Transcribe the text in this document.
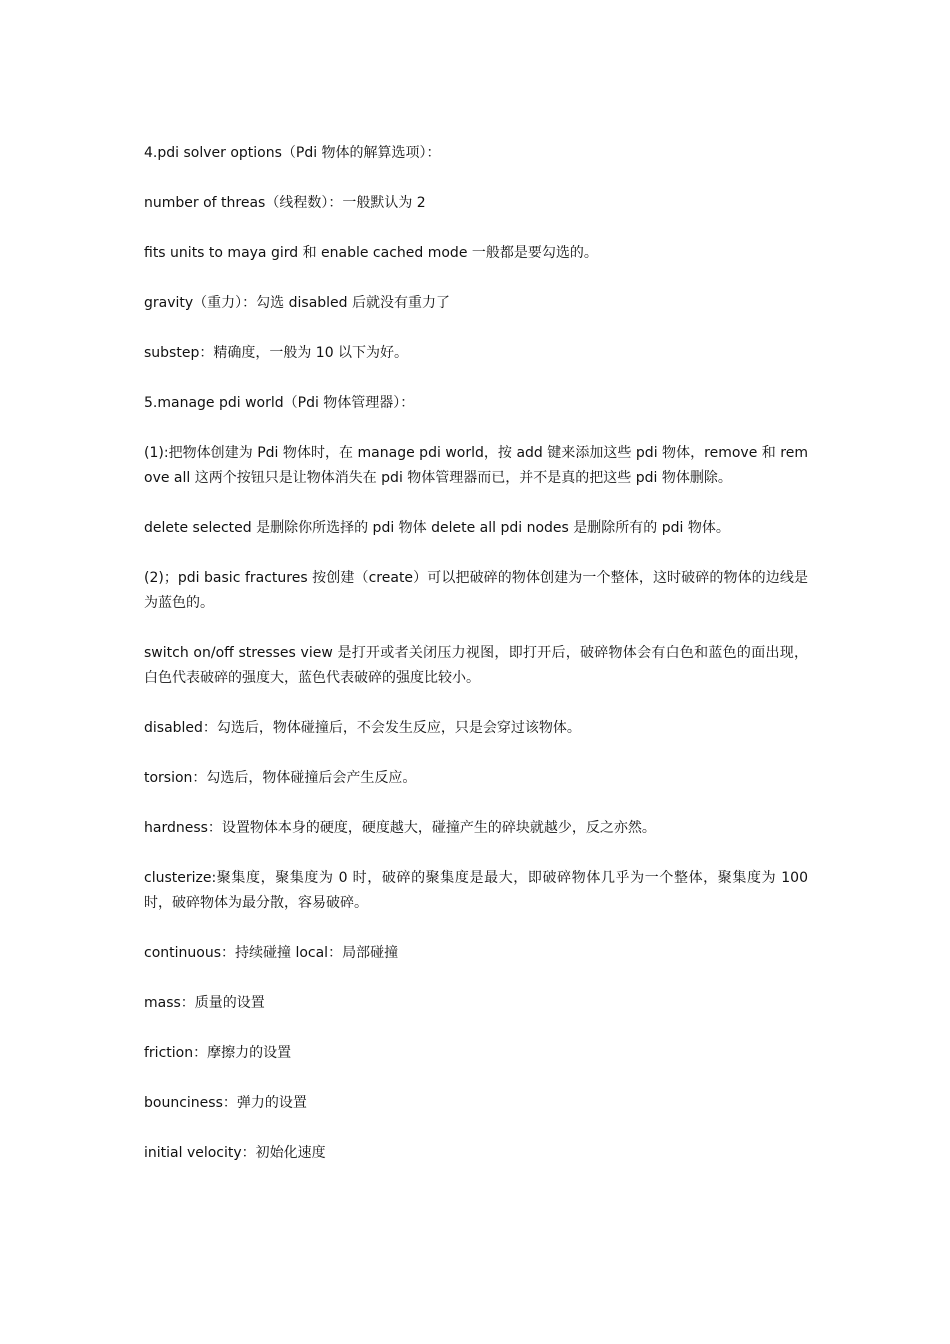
4.pdi solver options（Pdi 物体的解算选项）：

number of threas（线程数）：一般默认为 2

fits units to maya gird 和 enable cached mode 一般都是要勾选的。

gravity（重力）：勾选 disabled 后就没有重力了

substep：精确度，一般为 10 以下为好。

5.manage pdi world（Pdi 物体管理器）：

(1):把物体创建为 Pdi 物体时，在 manage pdi world，按 add 键来添加这些 pdi 物体，remove 和 remove all 这两个按钮只是让物体消失在 pdi 物体管理器而已，并不是真的把这些 pdi 物体删除。

delete selected 是删除你所选择的 pdi 物体 delete all pdi nodes 是删除所有的 pdi 物体。

(2)；pdi basic fractures 按创建（create）可以把破碎的物体创建为一个整体，这时破碎的物体的边线是为蓝色的。

switch on/off stresses view 是打开或者关闭压力视图，即打开后，破碎物体会有白色和蓝色的面出现，白色代表破碎的强度大，蓝色代表破碎的强度比较小。

disabled：勾选后，物体碰撞后，不会发生反应，只是会穿过该物体。

torsion：勾选后，物体碰撞后会产生反应。

hardness：设置物体本身的硬度，硬度越大，碰撞产生的碎块就越少，反之亦然。

clusterize:聚集度，聚集度为 0 时，破碎的聚集度是最大，即破碎物体几乎为一个整体，聚集度为 100 时，破碎物体为最分散，容易破碎。

continuous：持续碰撞 local：局部碰撞

mass：质量的设置

friction：摩擦力的设置

bounciness：弹力的设置

initial velocity：初始化速度
